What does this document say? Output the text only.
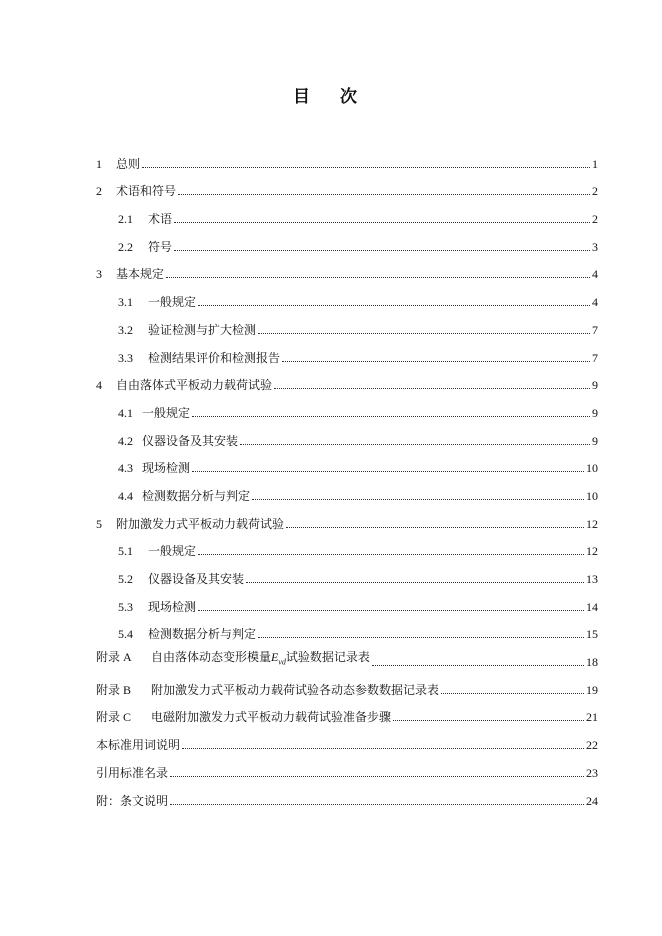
目 次
1 总则	1
2 术语和符号	2
2.1 术语	2
2.2 符号	3
3 基本规定	4
3.1 一般规定	4
3.2 验证检测与扩大检测	7
3.3 检测结果评价和检测报告	7
4 自由落体式平板动力载荷试验	9
4.1 一般规定	9
4.2 仪器设备及其安装	9
4.3 现场检测	10
4.4 检测数据分析与判定	10
5 附加激发力式平板动力载荷试验	12
5.1 一般规定	12
5.2 仪器设备及其安装	13
5.3 现场检测	14
5.4 检测数据分析与判定	15
附录 A 自由落体动态变形模量$E_{vd}$试验数据记录表	18
附录 B 附加激发力式平板动力载荷试验各动态参数数据记录表	19
附录 C 电磁附加激发力式平板动力载荷试验准备步骤	21
本标准用词说明	22
引用标准名录	23
附：条文说明	24
